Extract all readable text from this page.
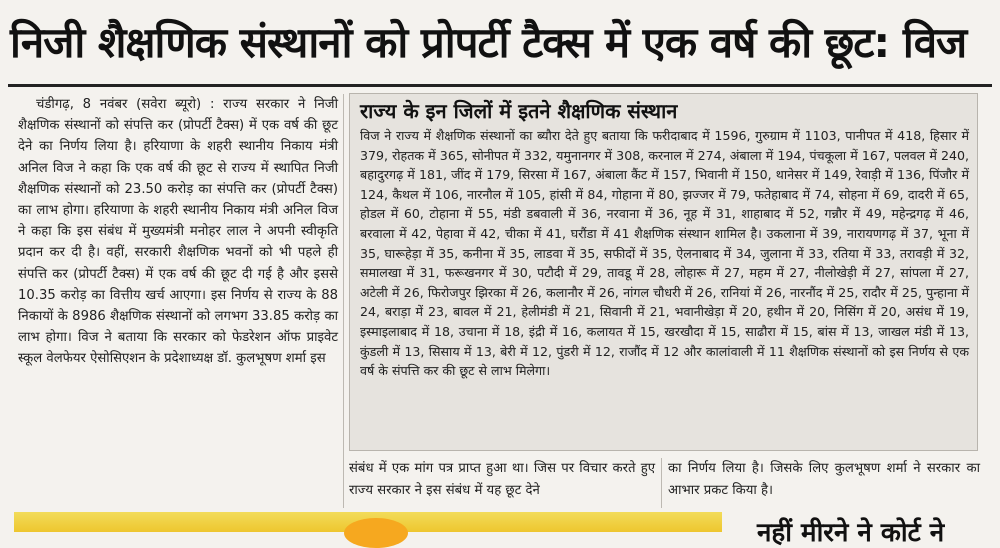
निजी शैक्षणिक संस्थानों को प्रोपर्टी टैक्स में एक वर्ष की छूट: विज

चंडीगढ़, 8 नवंबर (सवेरा ब्यूरो) : राज्य सरकार ने निजी शैक्षणिक संस्थानों को संपत्ति कर (प्रोपर्टी टैक्स) में एक वर्ष की छूट देने का निर्णय लिया है। हरियाणा के शहरी स्थानीय निकाय मंत्री अनिल विज ने कहा कि एक वर्ष की छूट से राज्य में स्थापित निजी शैक्षणिक संस्थानों को 23.50 करोड़ का संपत्ति कर (प्रोपर्टी टैक्स) का लाभ होगा। हरियाणा के शहरी स्थानीय निकाय मंत्री अनिल विज ने कहा कि इस संबंध में मुख्यमंत्री मनोहर लाल ने अपनी स्वीकृति प्रदान कर दी है। वहीं, सरकारी शैक्षणिक भवनों को भी पहले ही संपत्ति कर (प्रोपर्टी टैक्स) में एक वर्ष की छूट दी गई है और इससे 10.35 करोड़ का वित्तीय खर्च आएगा। इस निर्णय से राज्य के 88 निकायों के 8986 शैक्षणिक संस्थानों को लगभग 33.85 करोड़ का लाभ होगा। विज ने बताया कि सरकार को फेडरेशन ऑफ प्राइवेट स्कूल वेलफेयर ऐसोसिएशन के प्रदेशाध्यक्ष डॉ. कुलभूषण शर्मा इस

राज्य के इन जिलों में इतने शैक्षणिक संस्थान

विज ने राज्य में शैक्षणिक संस्थानों का ब्यौरा देते हुए बताया कि फरीदाबाद में 1596, गुरुग्राम में 1103, पानीपत में 418, हिसार में 379, रोहतक में 365, सोनीपत में 332, यमुनानगर में 308, करनाल में 274, अंबाला में 194, पंचकूला में 167, पलवल में 240, बहादुरगढ़ में 181, जींद में 179, सिरसा में 167, अंबाला कैंट में 157, भिवानी में 150, थानेसर में 149, रेवाड़ी में 136, पिंजौर में 124, कैथल में 106, नारनौल में 105, हांसी में 84, गोहाना में 80, झज्जर में 79, फतेहाबाद में 74, सोहना में 69, दादरी में 65, होडल में 60, टोहाना में 55, मंडी डबवाली में 36, नरवाना में 36, नूह में 31, शाहाबाद में 52, गन्नौर में 49, महेन्द्रगढ़ में 46, बरवाला में 42, पेहावा में 42, चीका में 41, घरौंडा में 41 शैक्षणिक संस्थान शामिल है। उकलाना में 39, नारायणगढ़ में 37, भूना में 35, घारूहेड़ा में 35, कनीना में 35, लाडवा में 35, सफीदों में 35, ऐलनाबाद में 34, जुलाना में 33, रतिया में 33, तरावड़ी में 32, समालखा में 31, फरूखनगर में 30, पटौदी में 29, तावडू में 28, लोहारू में 27, महम में 27, नीलोखेड़ी में 27, सांपला में 27, अटेली में 26, फिरोजपुर झिरका में 26, कलानौर में 26, नांगल चौधरी में 26, रानियां में 26, नारनौंद में 25, रादौर में 25, पुन्हाना में 24, बराड़ा में 23, बावल में 21, हेलीमंडी में 21, सिवानी में 21, भवानीखेड़ा में 20, हथीन में 20, निसिंग में 20, असंध में 19, इस्माइलाबाद में 18, उचाना में 18, इंद्री में 16, कलायत में 15, खरखौदा में 15, साढौरा में 15, बांस में 13, जाखल मंडी में 13, कुंडली में 13, सिसाय में 13, बेरी में 12, पुंडरी में 12, राजौंद में 12 और कालांवाली में 11 शैक्षणिक संस्थानों को इस निर्णय से एक वर्ष के संपत्ति कर की छूट से लाभ मिलेगा।

संबंध में एक मांग पत्र प्राप्त हुआ था। जिस पर विचार करते हुए राज्य सरकार ने इस संबंध में यह छूट देने

का निर्णय लिया है। जिसके लिए कुलभूषण शर्मा ने सरकार का आभार प्रकट किया है।

नहीं मीरने ने कोर्ट ने
